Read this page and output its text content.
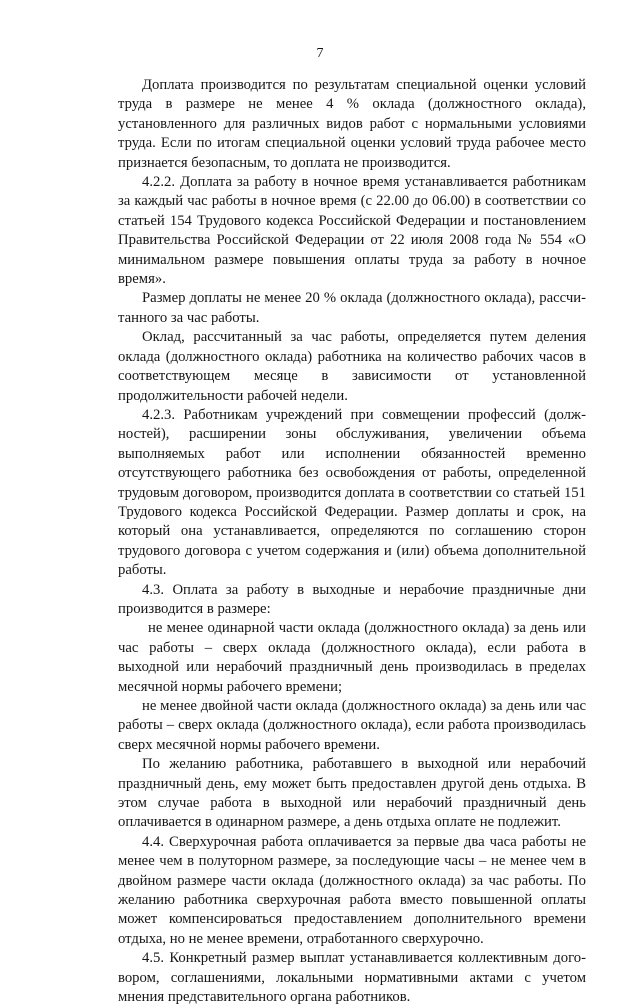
7

Доплата производится по результатам специальной оценки условий труда в размере не менее 4 % оклада (должностного оклада), установленного для различных видов работ с нормальными условиями труда. Если по итогам специальной оценки условий труда рабочее место признается безопасным, то доплата не производится.

4.2.2. Доплата за работу в ночное время устанавливается работникам за каждый час работы в ночное время (с 22.00 до 06.00) в соответствии со статьей 154 Трудового кодекса Российской Федерации и постановлением Правительства Российской Федерации от 22 июля 2008 года № 554 «О минимальном размере повышения оплаты труда за работу в ночное время».

Размер доплаты не менее 20 % оклада (должностного оклада), рассчитанного за час работы.

Оклад, рассчитанный за час работы, определяется путем деления оклада (должностного оклада) работника на количество рабочих часов в соответствующем месяце в зависимости от установленной продолжительности рабочей недели.

4.2.3. Работникам учреждений при совмещении профессий (должностей), расширении зоны обслуживания, увеличении объема выполняемых работ или исполнении обязанностей временно отсутствующего работника без освобождения от работы, определенной трудовым договором, производится доплата в соответствии со статьей 151 Трудового кодекса Российской Федерации. Размер доплаты и срок, на который она устанавливается, определяются по соглашению сторон трудового договора с учетом содержания и (или) объема дополнительной работы.

4.3. Оплата за работу в выходные и нерабочие праздничные дни производится в размере:

не менее одинарной части оклада (должностного оклада) за день или час работы – сверх оклада (должностного оклада), если работа в выходной или нерабочий праздничный день производилась в пределах месячной нормы рабочего времени;

не менее двойной части оклада (должностного оклада) за день или час работы – сверх оклада (должностного оклада), если работа производилась сверх месячной нормы рабочего времени.

По желанию работника, работавшего в выходной или нерабочий праздничный день, ему может быть предоставлен другой день отдыха. В этом случае работа в выходной или нерабочий праздничный день оплачивается в одинарном размере, а день отдыха оплате не подлежит.

4.4. Сверхурочная работа оплачивается за первые два часа работы не менее чем в полуторном размере, за последующие часы – не менее чем в двойном размере части оклада (должностного оклада) за час работы. По желанию работника сверхурочная работа вместо повышенной оплаты может компенсироваться предоставлением дополнительного времени отдыха, но не менее времени, отработанного сверхурочно.

4.5. Конкретный размер выплат устанавливается коллективным договором, соглашениями, локальными нормативными актами с учетом мнения представительного органа работников.
